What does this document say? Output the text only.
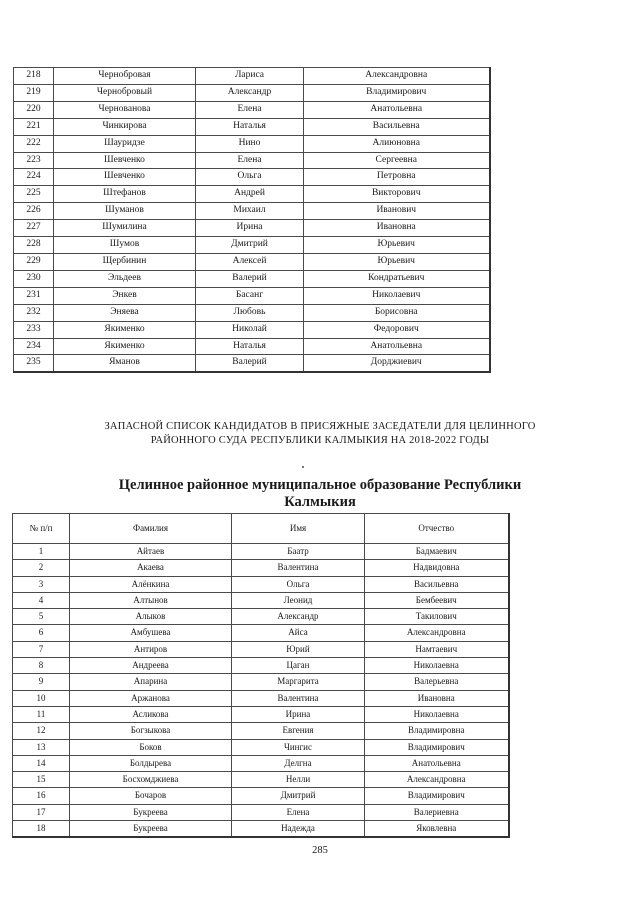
218	Чернобровая	Лариса	Александровна
219	Чернобровый	Александр	Владимирович
220	Чернованова	Елена	Анатольевна
221	Чинкирова	Наталья	Васильевна
222	Шауридзе	Нино	Алиюновна
223	Шевченко	Елена	Сергеевна
224	Шевченко	Ольга	Петровна
225	Штефанов	Андрей	Викторович
226	Шуманов	Михаил	Иванович
227	Шумилина	Ирина	Ивановна
228	Шумов	Дмитрий	Юрьевич
229	Щербинин	Алексей	Юрьевич
230	Эльдеев	Валерий	Кондратьевич
231	Энкев	Басанг	Николаевич
232	Эняева	Любовь	Борисовна
233	Якименко	Николай	Федорович
234	Якименко	Наталья	Анатольевна
235	Яманов	Валерий	Дорджиевич
ЗАПАСНОЙ СПИСОК КАНДИДАТОВ В ПРИСЯЖНЫЕ ЗАСЕДАТЕЛИ ДЛЯ ЦЕЛИННОГО
РАЙОННОГО СУДА РЕСПУБЛИКИ КАЛМЫКИЯ НА 2018-2022 ГОДЫ
Целинное районное муниципальное образование Республики
Калмыкия
№ п/п	Фамилия	Имя	Отчество
1	Айтаев	Баатр	Бадмаевич
2	Акаева	Валентина	Надвидовна
3	Алёнкина	Ольга	Васильевна
4	Алтынов	Леонид	Бембеевич
5	Алыков	Александр	Такилович
6	Амбушева	Айса	Александровна
7	Антиров	Юрий	Намтаевич
8	Андреева	Цаган	Николаевна
9	Апарина	Маргарита	Валерьевна
10	Аржанова	Валентина	Ивановна
11	Асликова	Ирина	Николаевна
12	Богзыкова	Евгения	Владимировна
13	Боков	Чингис	Владимирович
14	Болдырева	Делгна	Анатольевна
15	Босхомджиева	Нелли	Александровна
16	Бочаров	Дмитрий	Владимирович
17	Букреева	Елена	Валериевна
18	Букреева	Надежда	Яковлевна
285
